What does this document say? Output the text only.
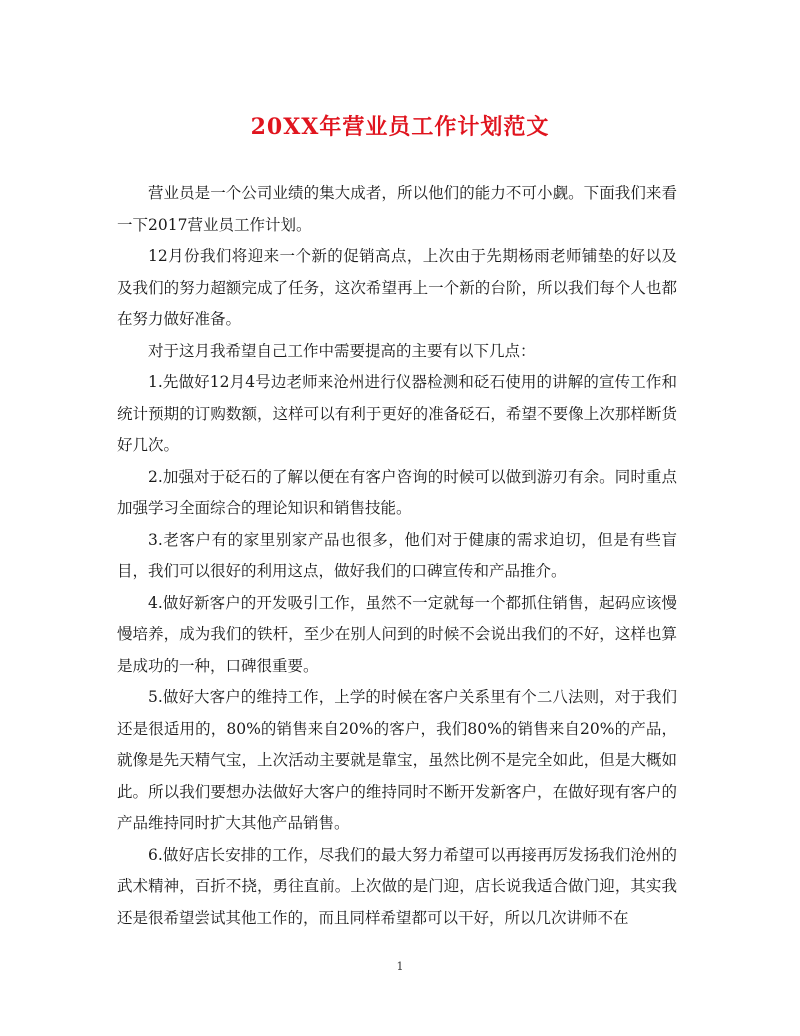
20XX年营业员工作计划范文

营业员是一个公司业绩的集大成者，所以他们的能力不可小觑。下面我们来看一下2017营业员工作计划。

12月份我们将迎来一个新的促销高点，上次由于先期杨雨老师铺垫的好以及及我们的努力超额完成了任务，这次希望再上一个新的台阶，所以我们每个人也都在努力做好准备。

对于这月我希望自己工作中需要提高的主要有以下几点：

1.先做好12月4号边老师来沧州进行仪器检测和砭石使用的讲解的宣传工作和统计预期的订购数额，这样可以有利于更好的准备砭石，希望不要像上次那样断货好几次。

2.加强对于砭石的了解以便在有客户咨询的时候可以做到游刃有余。同时重点加强学习全面综合的理论知识和销售技能。

3.老客户有的家里别家产品也很多，他们对于健康的需求迫切，但是有些盲目，我们可以很好的利用这点，做好我们的口碑宣传和产品推介。

4.做好新客户的开发吸引工作，虽然不一定就每一个都抓住销售，起码应该慢慢培养，成为我们的铁杆，至少在别人问到的时候不会说出我们的不好，这样也算是成功的一种，口碑很重要。

5.做好大客户的维持工作，上学的时候在客户关系里有个二八法则，对于我们还是很适用的，80%的销售来自20%的客户，我们80%的销售来自20%的产品，就像是先天精气宝，上次活动主要就是靠宝，虽然比例不是完全如此，但是大概如此。所以我们要想办法做好大客户的维持同时不断开发新客户，在做好现有客户的产品维持同时扩大其他产品销售。

6.做好店长安排的工作，尽我们的最大努力希望可以再接再厉发扬我们沧州的武术精神，百折不挠，勇往直前。上次做的是门迎，店长说我适合做门迎，其实我还是很希望尝试其他工作的，而且同样希望都可以干好，所以几次讲师不在

1
